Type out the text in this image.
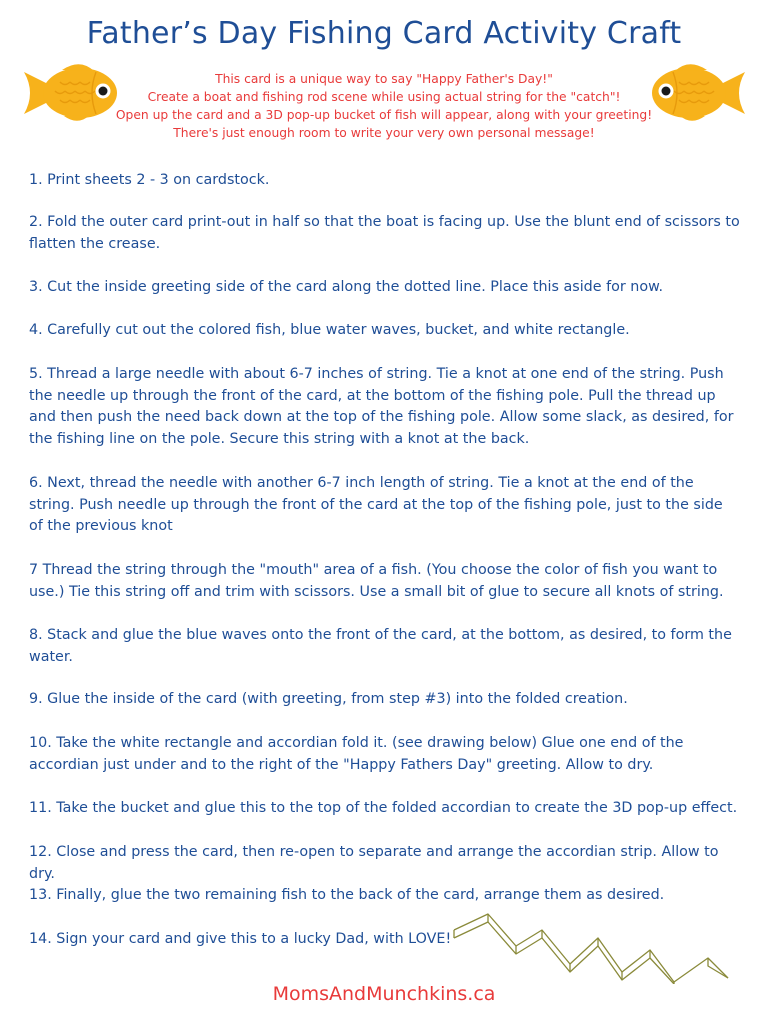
Father’s Day Fishing Card Activity Craft
This card is a unique way to say "Happy Father's Day!"
Create a boat and fishing rod scene while using actual string for the "catch"!
Open up the card and a 3D pop-up bucket of fish will appear, along with your greeting!
There's just enough room to write your very own personal message!
1. Print sheets 2 - 3 on cardstock.
2. Fold the outer card print-out in half so that the boat is facing up. Use the blunt end of scissors to flatten the crease.
3. Cut the inside greeting side of the card along the dotted line. Place this aside for now.
4. Carefully cut out the colored fish, blue water waves, bucket, and white rectangle.
5. Thread a large needle with about 6-7 inches of string. Tie a knot at one end of the string. Push the needle up through the front of the card, at the bottom of the fishing pole. Pull the thread up and then push the need back down at the top of the fishing pole. Allow some slack, as desired, for the fishing line on the pole. Secure this string with a knot at the back.
6. Next, thread the needle with another 6-7 inch length of string. Tie a knot at the end of the string. Push needle up through the front of the card at the top of the fishing pole, just to the side of the previous knot
7 Thread the string through the "mouth" area of a fish. (You choose the color of fish you want to use.) Tie this string off and trim with scissors. Use a small bit of glue to secure all knots of string.
8. Stack and glue the blue waves onto the front of the card, at the bottom, as desired, to form the water.
9. Glue the inside of the card (with greeting, from step #3) into the folded creation.
10. Take the white rectangle and accordian fold it. (see drawing below) Glue one end of the accordian just under and to the right of the "Happy Fathers Day" greeting. Allow to dry.
11. Take the bucket and glue this to the top of the folded accordian to create the 3D pop-up effect.
12. Close and press the card, then re-open to separate and arrange the accordian strip. Allow to dry.
13. Finally, glue the two remaining fish to the back of the card, arrange them as desired.
14. Sign your card and give this to a lucky Dad, with LOVE!
MomsAndMunchkins.ca
